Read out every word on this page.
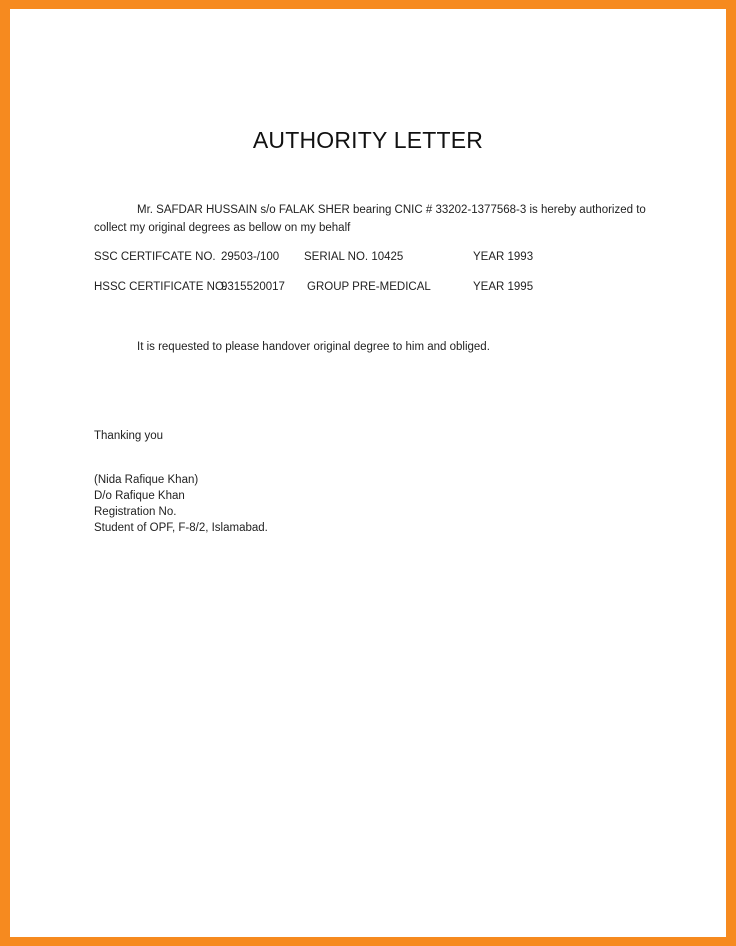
AUTHORITY LETTER
Mr. SAFDAR HUSSAIN s/o FALAK SHER bearing CNIC # 33202-1377568-3 is hereby authorized to
collect my original degrees as bellow on my behalf
SSC CERTIFCATE NO. 29503-/100 SERIAL NO. 10425	YEAR 1993
HSSC CERTIFICATE NO.
9315520017 GROUP PRE-MEDICAL	YEAR 1995
It is requested to please handover original degree to him and obliged.
Thanking you
(Nida Rafique Khan)
D/o Rafique Khan
Registration No.
Student of OPF, F-8/2, Islamabad.
